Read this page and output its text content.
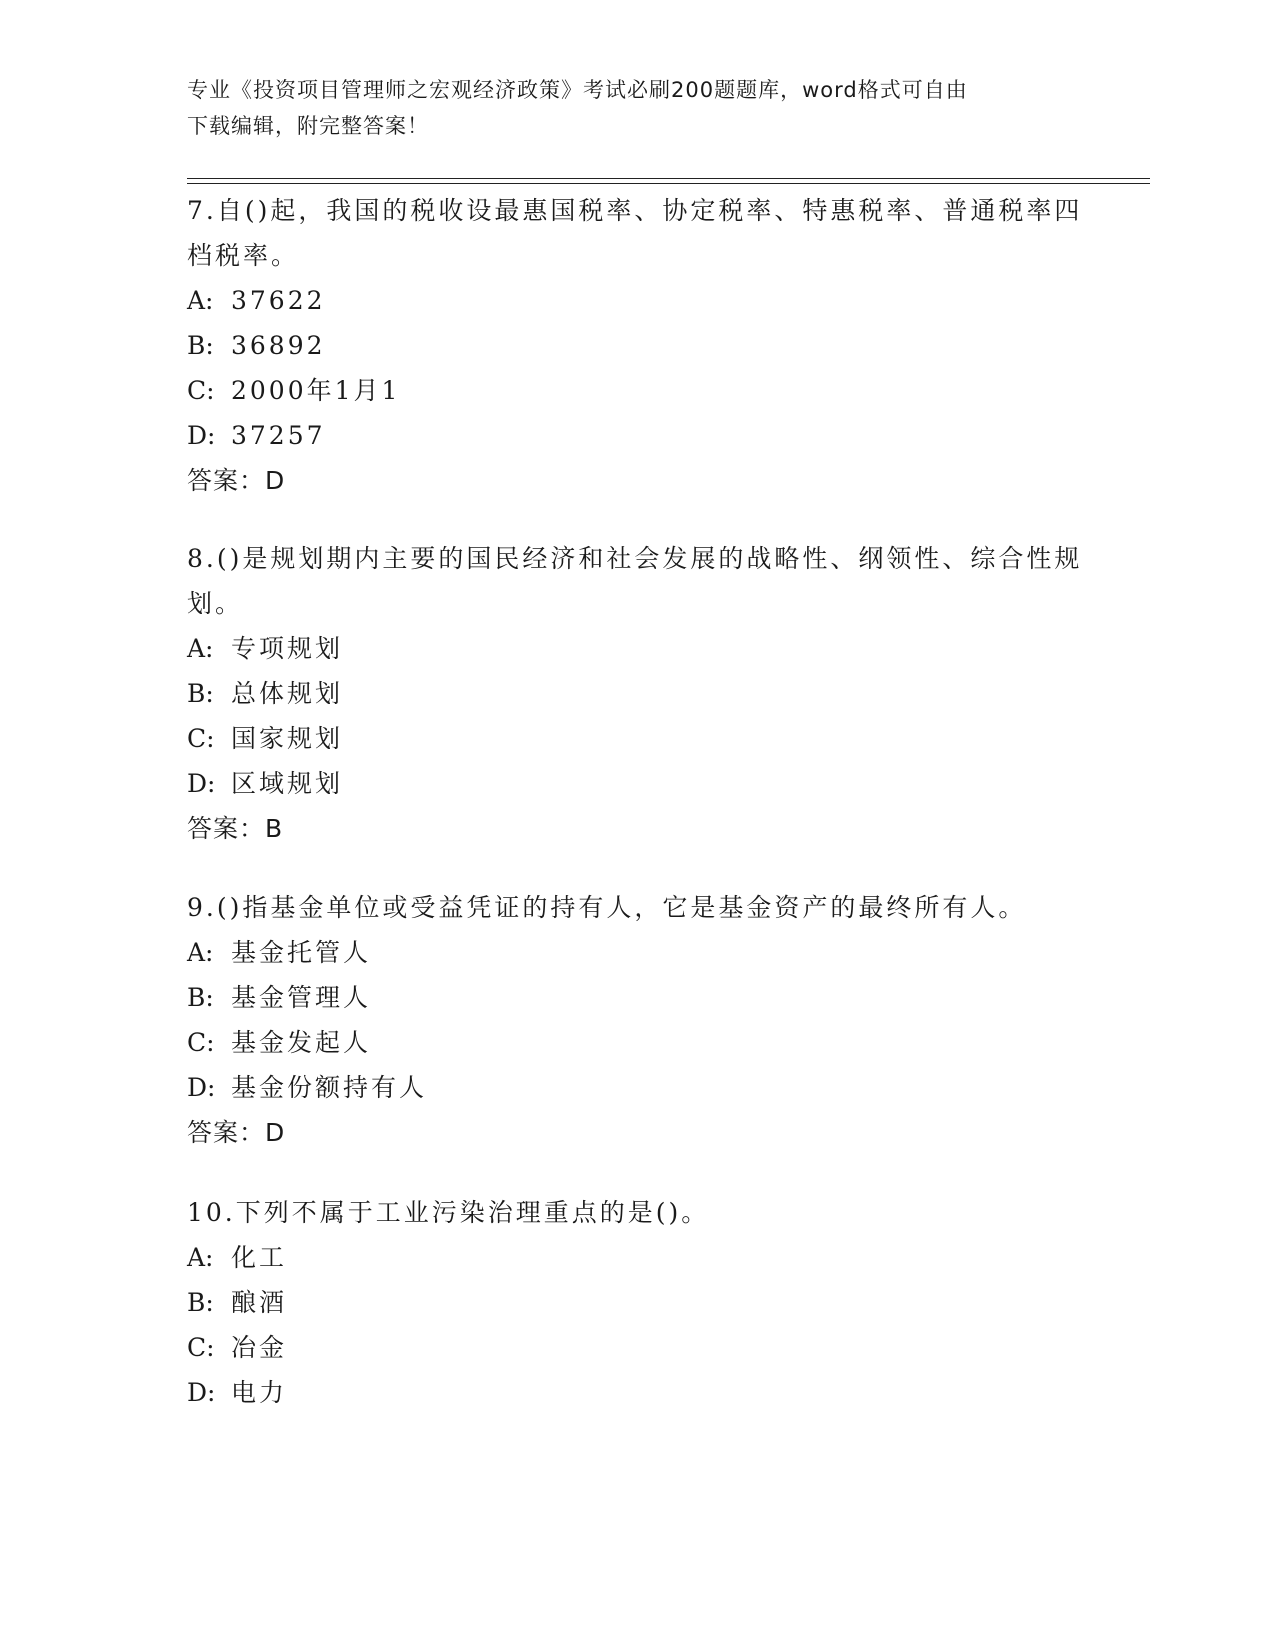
专业《投资项目管理师之宏观经济政策》考试必刷200题题库，word格式可自由
下载编辑，附完整答案！

7.自()起，我国的税收设最惠国税率、协定税率、特惠税率、普通税率四档税率。

A: 37622

B: 36892

C: 2000年1月1

D: 37257

答案：D

8.()是规划期内主要的国民经济和社会发展的战略性、纲领性、综合性规划。

A: 专项规划

B: 总体规划

C: 国家规划

D: 区域规划

答案：B

9.()指基金单位或受益凭证的持有人，它是基金资产的最终所有人。

A: 基金托管人

B: 基金管理人

C: 基金发起人

D: 基金份额持有人

答案：D

10.下列不属于工业污染治理重点的是()。

A: 化工

B: 酿酒

C: 冶金

D: 电力
